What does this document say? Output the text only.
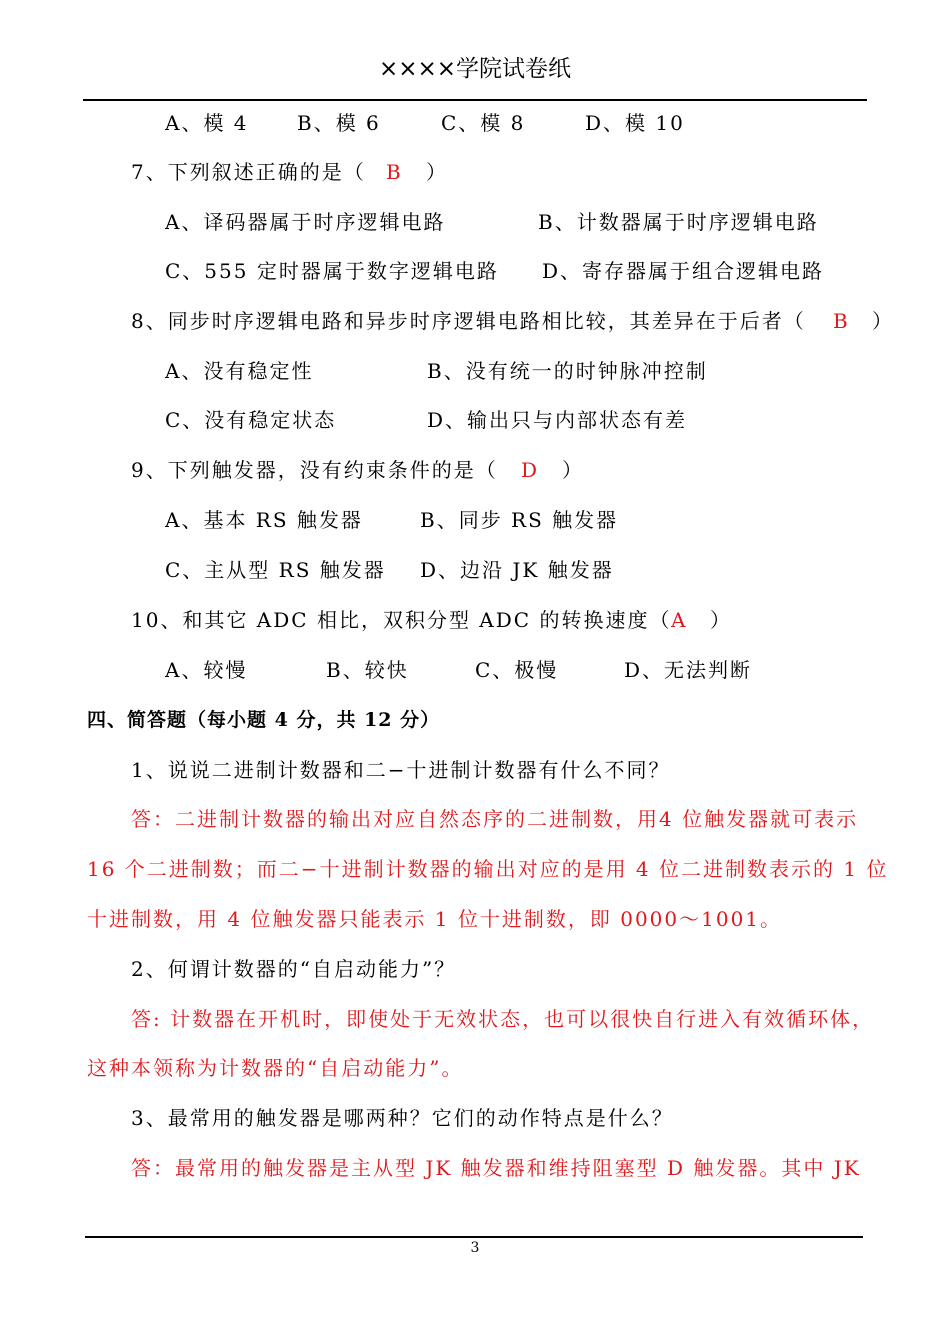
××××学院试卷纸
A、模 4 B、模 6	C、模 8	D、模 10
7、下列叙述正确的是（ B ）
A、译码器属于时序逻辑电路	B、计数器属于时序逻辑电路
C、555 定时器属于数字逻辑电路 D、寄存器属于组合逻辑电路
8、同步时序逻辑电路和异步时序逻辑电路相比较，其差异在于后者（ B ）
A、没有稳定性	B、没有统一的时钟脉冲控制
C、没有稳定状态	D、输出只与内部状态有差
9、下列触发器，没有约束条件的是（ D ）
A、基本 RS 触发器	B、同步 RS 触发器
C、主从型 RS 触发器 D、边沿 JK 触发器
10、和其它 ADC 相比，双积分型 ADC 的转换速度（ A ）
A、较慢	B、较快	C、极慢	D、无法判断
四、简答题（每小题 4 分，共 12 分）
1、说说二进制计数器和二−十进制计数器有什么不同？
答：二进制计数器的输出对应自然态序的二进制数，用4 位触发器就可表示
16 个二进制数；而二−十进制计数器的输出对应的是用 4 位二进制数表示的 1 位
十进制数，用 4 位触发器只能表示 1 位十进制数，即 0000～1001。
2、何谓计数器的“自启动能力”？
答: 计数器在开机时，即使处于无效状态，也可以很快自行进入有效循环体，
这种本领称为计数器的“自启动能力”。
3、最常用的触发器是哪两种？它们的动作特点是什么？
答：最常用的触发器是主从型 JK 触发器和维持阻塞型 D 触发器。其中 JK
3
